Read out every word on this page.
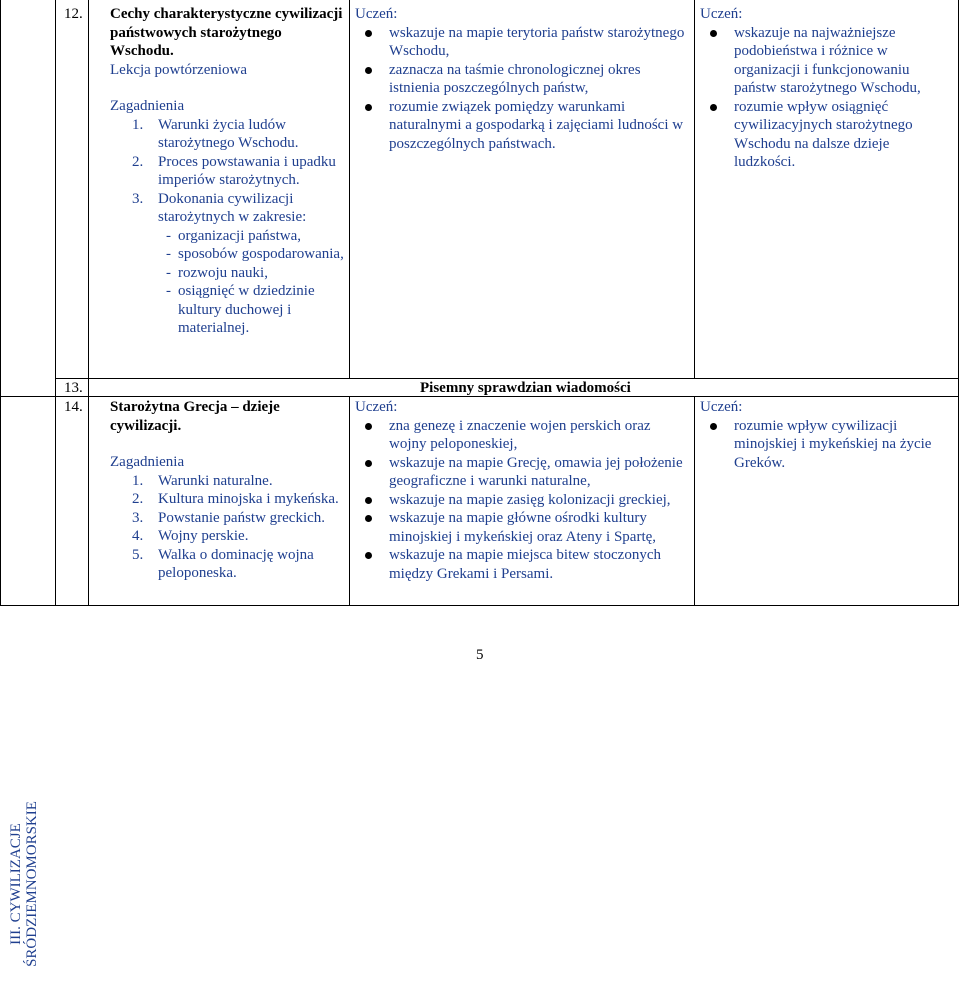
III. CYWILIZACJE ŚRÓDZIEMNOMORSKIE
12. Cechy charakterystyczne cywilizacji państwowych starożytnego Wschodu.
Lekcja powtórzeniowa
Zagadnienia
1. Warunki życia ludów starożytnego Wschodu.
2. Proces powstawania i upadku imperiów starożytnych.
3. Dokonania cywilizacji starożytnych w zakresie:
- organizacji państwa,
- sposobów gospodarowania,
- rozwoju nauki,
- osiągnięć w dziedzinie kultury duchowej i materialnej.
Uczeń:
wskazuje na mapie terytoria państw starożytnego Wschodu,
zaznacza na taśmie chronologicznej okres istnienia poszczególnych państw,
rozumie związek pomiędzy warunkami naturalnymi a gospodarką i zajęciami ludności w poszczególnych państwach.
Uczeń:
wskazuje na najważniejsze podobieństwa i różnice w organizacji i funkcjonowaniu państw starożytnego Wschodu,
rozumie wpływ osiągnięć cywilizacyjnych starożytnego Wschodu na dalsze dzieje ludzkości.
13.	Pisemny sprawdzian wiadomości
14. Starożytna Grecja – dzieje cywilizacji.
Zagadnienia
1. Warunki naturalne.
2. Kultura minojska i mykeńska.
3. Powstanie państw greckich.
4. Wojny perskie.
5. Walka o dominację wojna peloponeska.
Uczeń:
zna genezę i znaczenie wojen perskich oraz wojny peloponeskiej,
wskazuje na mapie Grecję, omawia jej położenie geograficzne i warunki naturalne,
wskazuje na mapie zasięg kolonizacji greckiej,
wskazuje na mapie główne ośrodki kultury minojskiej i mykeńskiej oraz Ateny i Spartę,
wskazuje na mapie miejsca bitew stoczonych między Grekami i Persami.
Uczeń:
rozumie wpływ cywilizacji minojskiej i mykeńskiej na życie Greków.
5
